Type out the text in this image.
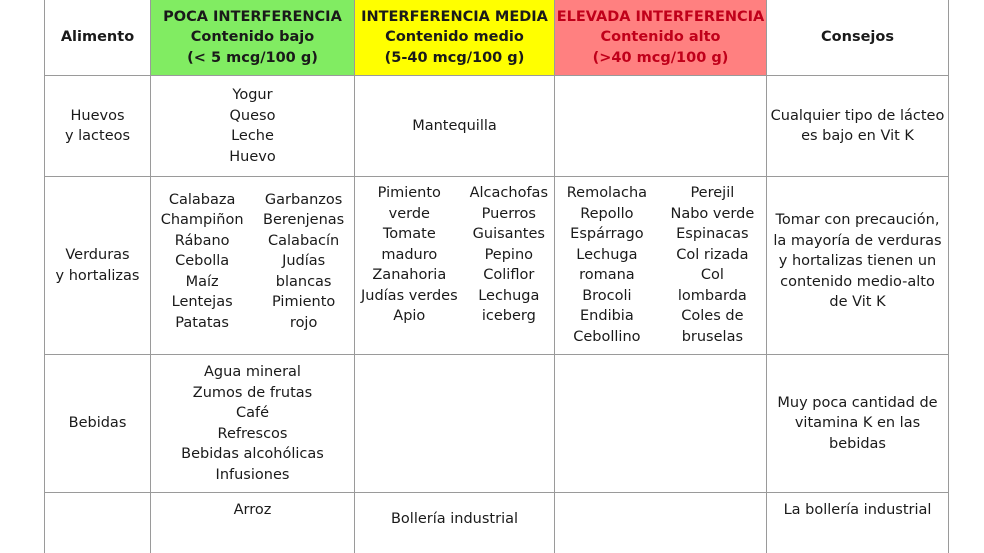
Alimento
POCA INTERFERENCIA
Contenido bajo
(< 5 mcg/100 g)
INTERFERENCIA MEDIA
Contenido medio
(5-40 mcg/100 g)
ELEVADA INTERFERENCIA
Contenido alto
(>40 mcg/100 g)
Consejos
Huevos
y lacteos
Yogur
Queso
Leche
Huevo
Mantequilla
Cualquier tipo de lácteo
es bajo en Vit K
Verduras
y hortalizas
Calabaza
Champiñon
Rábano
Cebolla
Maíz
Lentejas
Patatas
Garbanzos
Berenjenas
Calabacín
Judías
blancas
Pimiento
rojo
Pimiento
verde
Tomate
maduro
Zanahoria
Judías verdes
Apio
Alcachofas
Puerros
Guisantes
Pepino
Coliflor
Lechuga
iceberg
Remolacha
Repollo
Espárrago
Lechuga
romana
Brocoli
Endibia
Cebollino
Perejil
Nabo verde
Espinacas
Col rizada
Col
lombarda
Coles de
bruselas
Tomar con precaución,
la mayoría de verduras
y hortalizas tienen un
contenido medio-alto
de Vit K
Bebidas
Agua mineral
Zumos de frutas
Café
Refrescos
Bebidas alcohólicas
Infusiones
Muy poca cantidad de
vitamina K en las
bebidas
Arroz
Bollería industrial
La bollería industrial
